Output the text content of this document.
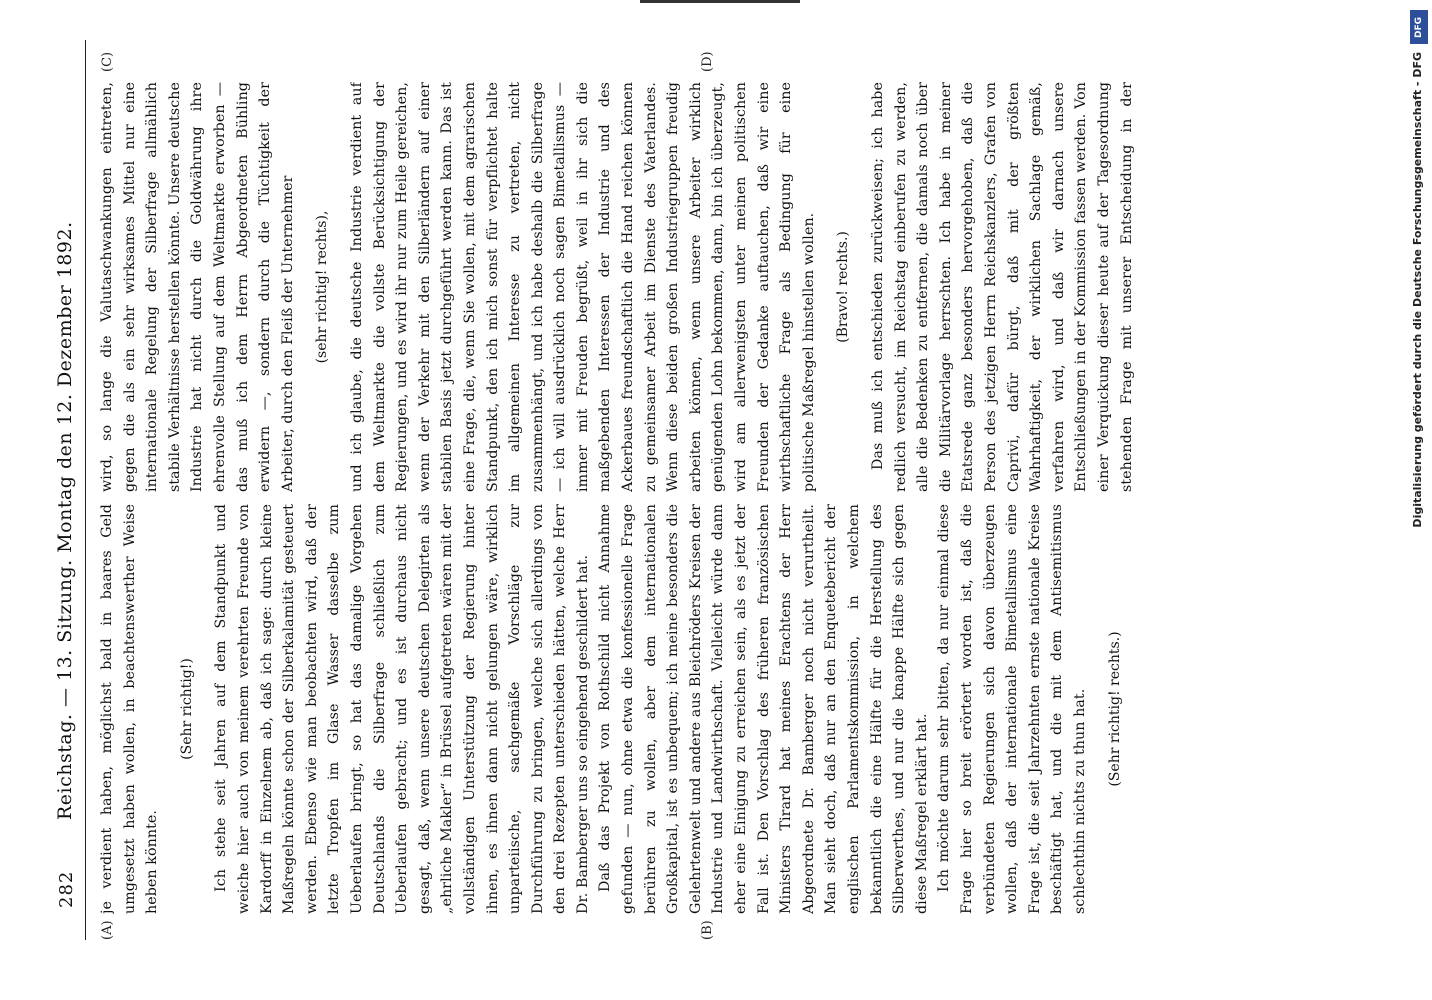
282
Reichstag. — 13. Sitzung. Montag den 12. Dezember 1892.
(A)	(B)
(C)	(D)

je verdient haben, möglichst bald in baares Geld umgesetzt haben wollen, in beachtenswerther Weise heben könnte.

(Sehr richtig!) Ich stehe seit Jahren auf dem Standpunkt und weiche hier auch von meinem verehrten Freunde von Kardorff in Einzelnem ab, daß ich sage: durch kleine Maßregeln könnte schon der Silberkalamität gesteuert werden. Ebenso wie man beobachten wird, daß der letzte Tropfen im Glase Wasser dasselbe zum Ueberlaufen bringt, so hat das damalige Vorgehen Deutschlands die Silberfrage schließlich zum Ueberlaufen gebracht; und es ist durchaus nicht gesagt, daß, wenn unsere deutschen Delegirten als „ehrliche Makler“ in Brüssel aufgetreten wären mit der vollständigen Unterstützung der Regierung hinter ihnen, es ihnen dann nicht gelungen wäre, wirklich unparteiische, sachgemäße Vorschläge zur Durchführung zu bringen, welche sich allerdings von den drei Rezepten unterschieden hätten, welche Herr Dr. Bamberger uns so eingehend geschildert hat. Daß das Projekt von Rothschild nicht Annahme gefunden — nun, ohne etwa die konfessionelle Frage berühren zu wollen, aber dem internationalen Großkapital, ist es unbequem; ich meine besonders die Gelehrtenwelt und andere aus Bleichröders Kreisen der Industrie und Landwirthschaft. Vielleicht würde dann eher eine Einigung zu erreichen sein, als es jetzt der Fall ist. Den Vorschlag des früheren französischen Ministers Tirard hat meines Erachtens der Herr Abgeordnete Dr. Bamberger noch nicht verurtheilt. Man sieht doch, daß nur an den Enquetebericht der englischen Parlamentskommission, in welchem bekanntlich die eine Hälfte für die Herstellung des Silberwerthes, und nur die knappe Hälfte sich gegen diese Maßregel erklärt hat. Ich möchte darum sehr bitten, da nur einmal diese Frage hier so breit erörtert worden ist, daß die verbündeten Regierungen sich davon überzeugen wollen, daß der internationale Bimetallismus eine Frage ist, die seit Jahrzehnten ernste nationale Kreise beschäftigt hat, und die mit dem Antisemitismus schlechthin nichts zu thun hat. (Sehr richtig! rechts.)

wird, so lange die Valutaschwankungen eintreten, gegen die als ein sehr wirksames Mittel nur eine internationale Regelung der Silberfrage allmählich stabile Verhältnisse herstellen könnte. Unsere deutsche Industrie hat nicht durch die Goldwährung ihre ehrenvolle Stellung auf dem Weltmarkte erworben — das muß ich dem Herrn Abgeordneten Bühling erwidern —, sondern durch die Tüchtigkeit der Arbeiter, durch den Fleiß der Unternehmer (sehr richtig! rechts), und ich glaube, die deutsche Industrie verdient auf dem Weltmarkte die vollste Berücksichtigung der Regierungen, und es wird ihr nur zum Heile gereichen, wenn der Verkehr mit den Silberländern auf einer stabilen Basis jetzt durchgeführt werden kann. Das ist eine Frage, die, wenn Sie wollen, mit dem agrarischen Standpunkt, den ich mich sonst für verpflichtet halte im allgemeinen Interesse zu vertreten, nicht zusammenhängt, und ich habe deshalb die Silberfrage — ich will ausdrücklich noch sagen Bimetallismus — immer mit Freuden begrüßt, weil in ihr sich die maßgebenden Interessen der Industrie und des Ackerbaues freundschaftlich die Hand reichen können zu gemeinsamer Arbeit im Dienste des Vaterlandes. Wenn diese beiden großen Industriegruppen freudig arbeiten können, wenn unsere Arbeiter wirklich genügenden Lohn bekommen, dann, bin ich überzeugt, wird am allerwenigsten unter meinen politischen Freunden der Gedanke auftauchen, daß wir eine wirthschaftliche Frage als Bedingung für eine politische Maßregel hinstellen wollen. (Bravo! rechts.)

Das muß ich entschieden zurückweisen; ich habe redlich versucht, im Reichstag einberufen zu werden, alle die Bedenken zu entfernen, die damals noch über die Militärvorlage herrschten. Ich habe in meiner Etatsrede ganz besonders hervorgehoben, daß die Person des jetzigen Herrn Reichskanzlers, Grafen von Caprivi, dafür bürgt, daß mit der größten Wahrhaftigkeit, der wirklichen Sachlage gemäß, verfahren wird, und daß wir darnach unsere Entschließungen in der Kommission fassen werden. Von einer Verquickung dieser heute auf der Tagesordnung stehenden Frage mit unserer Entscheidung in der

DFG
Digitalisierung gefördert durch die Deutsche Forschungsgemeinschaft - DFG
